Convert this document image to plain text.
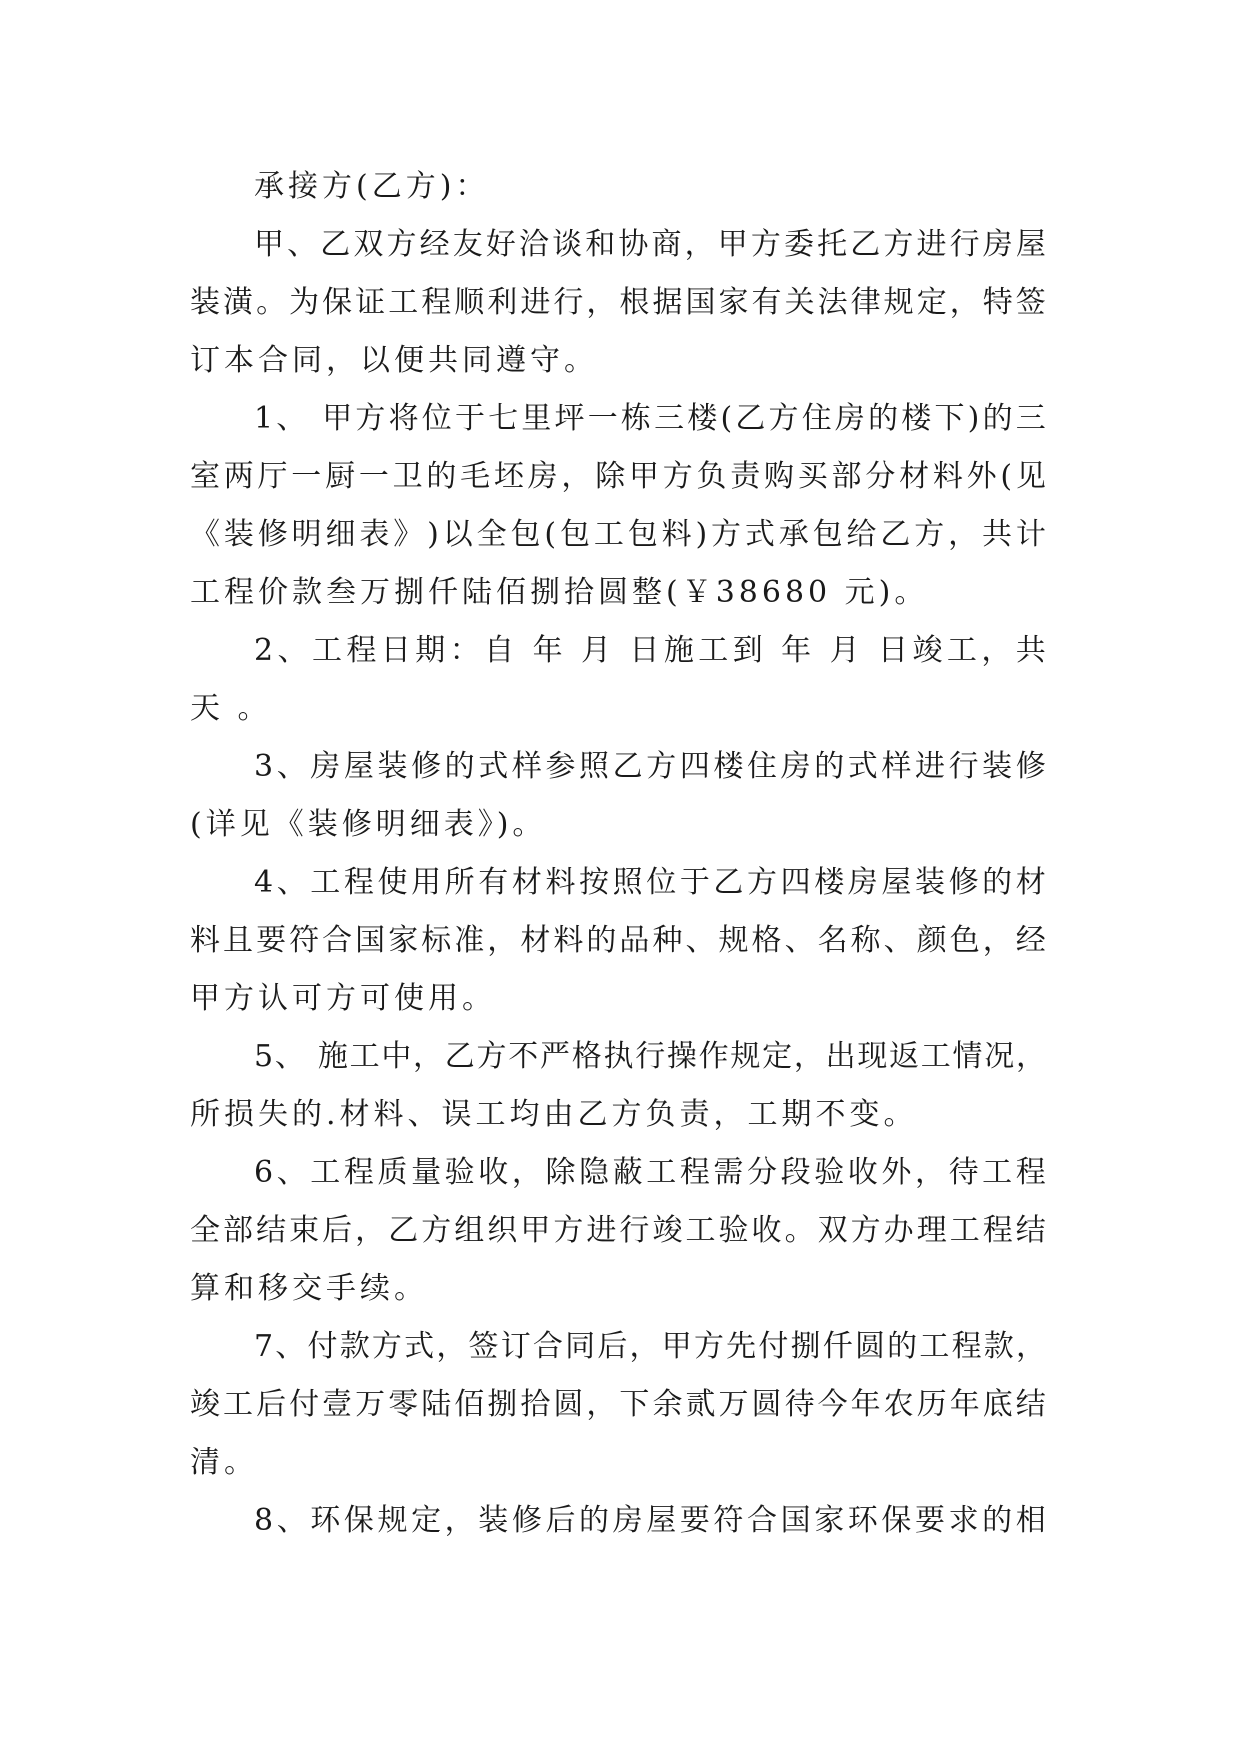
承接方(乙方)：
甲 、 乙 双 方 经 友 好 洽 谈 和 协 商 ， 甲 方 委 托 乙 方 进 行 房 屋
装 潢 。 为 保 证 工 程 顺 利 进 行 ， 根 据 国 家 有 关 法 律 规 定 ， 特 签
订本合同，以便共同遵守。
1 、
甲 方 将 位 于 七 里 坪 一 栋 三 楼 ( 乙 方 住 房 的 楼 下 ) 的 三
室 两 厅 一 厨 一 卫 的 毛 坯 房 ， 除 甲 方 负 责 购 买 部 分 材 料 外 ( 见
《 装 修 明 细 表 》 ) 以 全 包 ( 包 工 包 料 ) 方 式 承 包 给 乙 方 ， 共 计
工程价款叁万捌仟陆佰捌拾圆整(￥38680 元)。
2 、 工 程 日 期 ： 自
年
月
日 施 工 到
年
月
日 竣 工 ， 共
天 。
3 、 房 屋 装 修 的 式 样 参 照 乙 方 四 楼 住 房 的 式 样 进 行 装 修
(详见《装修明细表》)。
4 、 工 程 使 用 所 有 材 料 按 照 位 于 乙 方 四 楼 房 屋 装 修 的 材
料 且 要 符 合 国 家 标 准 ， 材 料 的 品 种 、 规 格 、 名 称 、 颜 色 ， 经
甲方认可方可使用。
5 、
施 工 中 ， 乙 方 不 严 格 执 行 操 作 规 定 ， 出 现 返 工 情 况 ，
所损失的.材料、误工均由乙方负责，工期不变。
6 、 工 程 质 量 验 收 ， 除 隐 蔽 工 程 需 分 段 验 收 外 ， 待 工 程
全 部 结 束 后 ， 乙 方 组 织 甲 方 进 行 竣 工 验 收 。 双 方 办 理 工 程 结
算和移交手续。
7 、 付 款 方 式 ， 签 订 合 同 后 ， 甲 方 先 付 捌 仟 圆 的 工 程 款 ，
竣 工 后 付 壹 万 零 陆 佰 捌 拾 圆 ， 下 余 贰 万 圆 待 今 年 农 历 年 底 结
清。
8 、 环 保 规 定 ， 装 修 后 的 房 屋 要 符 合 国 家 环 保 要 求 的 相
